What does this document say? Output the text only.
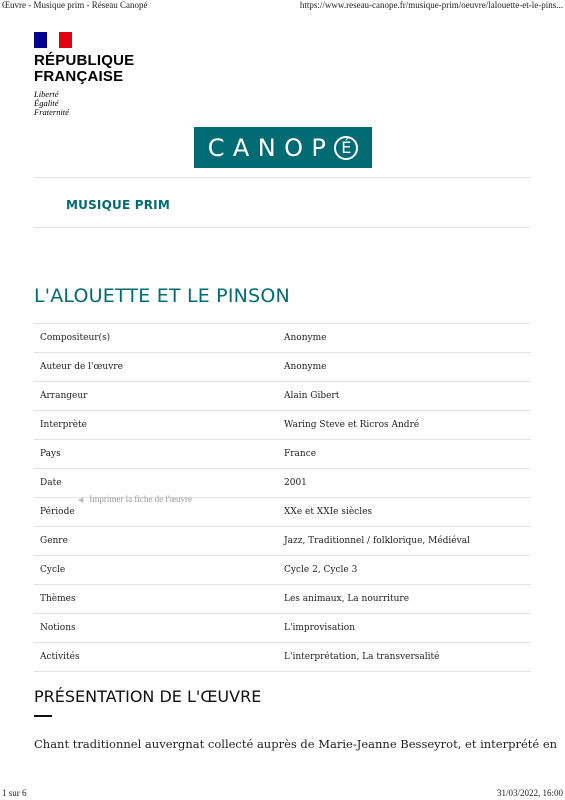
Œuvre - Musique prim - Réseau Canopé	https://www.reseau-canope.fr/musique-prim/oeuvre/lalouette-et-le-pins...
RÉPUBLIQUE
FRANÇAISE
Liberté
Égalité
Fraternité
C A N O P É
MUSIQUE PRIM
L'ALOUETTE ET LE PINSON
Compositeur(s)	Anonyme
Auteur de l'œuvre	Anonyme
Arrangeur	Alain Gibert
Interprète	Waring Steve et Ricros André
Pays	France
Date	2001
Période	XXe et XXIe siècles
Genre	Jazz, Traditionnel / folklorique, Médiéval
Cycle	Cycle 2, Cycle 3
Thèmes	Les animaux, La nourriture
Notions	L'improvisation
Activités	L'interprétation, La transversalité
◀ Imprimer la fiche de l'œuvre
PRÉSENTATION DE L'ŒUVRE

Chant traditionnel auvergnat collecté auprès de Marie-Jeanne Besseyrot, et interprété en

1 sur 6	31/03/2022, 16:00
